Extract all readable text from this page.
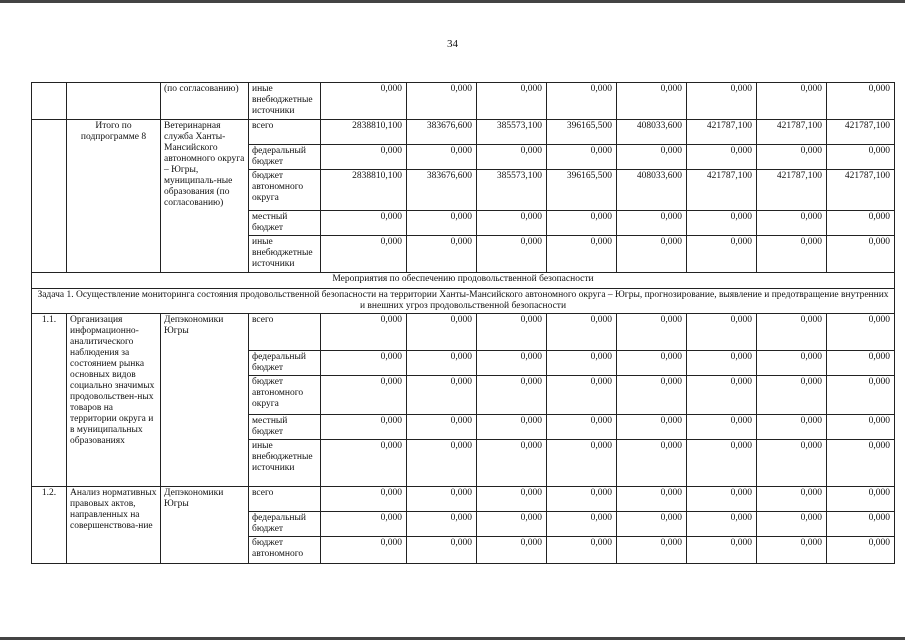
34
		(по согласованию)	иные внебюджетные источники	0,000	0,000	0,000	0,000	0,000	0,000	0,000	0,000
	Итого по подпрограмме 8	Ветеринарная служба Ханты-Мансийского автономного округа – Югры, муниципаль-ные образования (по согласованию)	всего	2838810,100	383676,600	385573,100	396165,500	408033,600	421787,100	421787,100	421787,100
			федеральный бюджет	0,000	0,000	0,000	0,000	0,000	0,000	0,000	0,000
			бюджет автономного округа	2838810,100	383676,600	385573,100	396165,500	408033,600	421787,100	421787,100	421787,100
			местный бюджет	0,000	0,000	0,000	0,000	0,000	0,000	0,000	0,000
			иные внебюджетные источники	0,000	0,000	0,000	0,000	0,000	0,000	0,000	0,000
Мероприятия по обеспечению продовольственной безопасности											
Задача 1. Осуществление мониторинга состояния продовольственной безопасности на территории Ханты-Мансийского автономного округа – Югры, прогнозирование, выявление и предотвращение внутренних и внешних угроз продовольственной безопасности											
1.1.	Организация информационно-аналитического наблюдения за состоянием рынка основных видов социально значимых продовольствен-ных товаров на территории округа и в муниципальных образованиях	Депэкономики Югры	всего	0,000	0,000	0,000	0,000	0,000	0,000	0,000	0,000
			федеральный бюджет	0,000	0,000	0,000	0,000	0,000	0,000	0,000	0,000
			бюджет автономного округа	0,000	0,000	0,000	0,000	0,000	0,000	0,000	0,000
			местный бюджет	0,000	0,000	0,000	0,000	0,000	0,000	0,000	0,000
			иные внебюджетные источники	0,000	0,000	0,000	0,000	0,000	0,000	0,000	0,000
1.2.	Анализ нормативных правовых актов, направленных на совершенствова-ние	Депэкономики Югры	всего	0,000	0,000	0,000	0,000	0,000	0,000	0,000	0,000
			федеральный бюджет	0,000	0,000	0,000	0,000	0,000	0,000	0,000	0,000
			бюджет автономного	0,000	0,000	0,000	0,000	0,000	0,000	0,000	0,000
